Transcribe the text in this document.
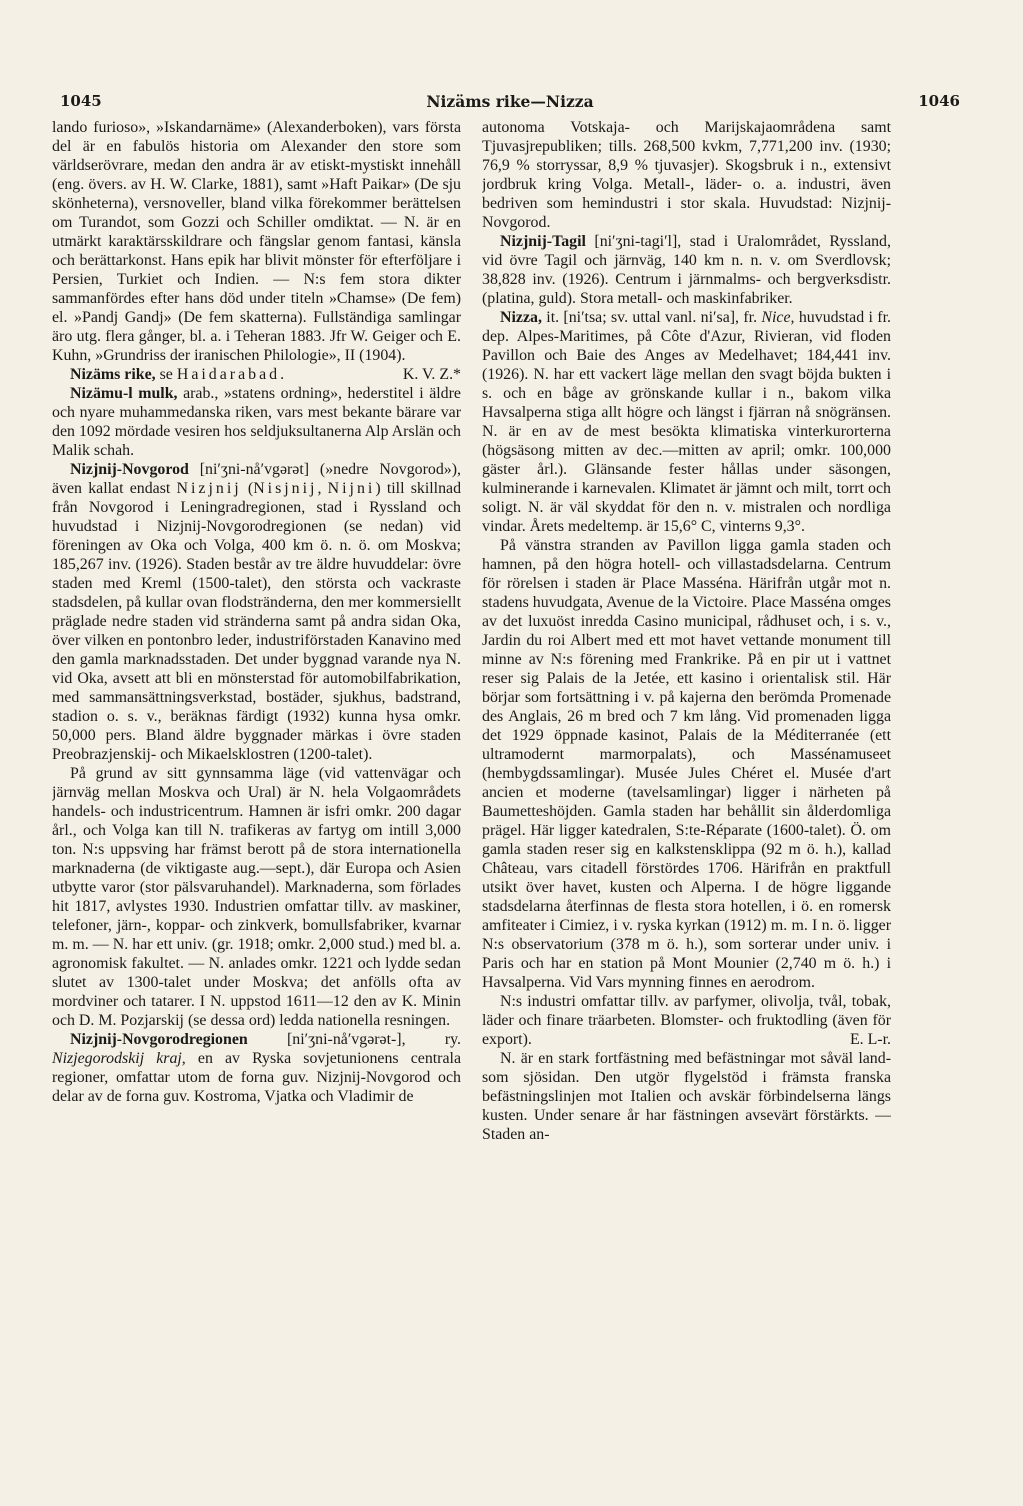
1045	Nizäms rike—Nizza	1046

lando furioso», »Iskandarnäme» (Alexanderboken), vars första del är en fabulös historia om Alexander den store som världserövrare, medan den andra är av etiskt-mystiskt innehåll (eng. övers. av H. W. Clarke, 1881), samt »Haft Paikar» (De sju skönheterna), versnoveller, bland vilka förekommer berättelsen om Turandot, som Gozzi och Schiller omdiktat. — N. är en utmärkt karaktärsskildrare och fängslar genom fantasi, känsla och berättarkonst. Hans epik har blivit mönster för efterföljare i Persien, Turkiet och Indien. — N:s fem stora dikter sammanfördes efter hans död under titeln »Chamse» (De fem) el. »Pandj Gandj» (De fem skatterna). Fullständiga samlingar äro utg. flera gånger, bl. a. i Teheran 1883. Jfr W. Geiger och E. Kuhn, »Grundriss der iranischen Philologie», II (1904).
K. V. Z.*

Nizäms rike, se Haidarabad.

Nizämu-l mulk, arab., »statens ordning», hederstitel i äldre och nyare muhammedanska riken, vars mest bekante bärare var den 1092 mördade vesiren hos seldjuksultanerna Alp Arslän och Malik schah.

Nizjnij-Novgorod [ni′ʒni-nå′vgərət] (»nedre Novgorod»), även kallat endast Nizjnij (Nisjnij, Nijni) till skillnad från Novgorod i Leningradregionen, stad i Ryssland och huvudstad i Nizjnij-Novgorodregionen (se nedan) vid föreningen av Oka och Volga, 400 km ö. n. ö. om Moskva; 185,267 inv. (1926). Staden består av tre äldre huvuddelar: övre staden med Kreml (1500-talet), den största och vackraste stadsdelen, på kullar ovan flodstränderna, den mer kommersiellt präglade nedre staden vid stränderna samt på andra sidan Oka, över vilken en pontonbro leder, industriförstaden Kanavino med den gamla marknadsstaden. Det under byggnad varande nya N. vid Oka, avsett att bli en mönsterstad för automobilfabrikation, med sammansättningsverkstad, bostäder, sjukhus, badstrand, stadion o. s. v., beräknas färdigt (1932) kunna hysa omkr. 50,000 pers. Bland äldre byggnader märkas i övre staden Preobrazjenskij- och Mikaelsklostren (1200-talet).

På grund av sitt gynnsamma läge (vid vattenvägar och järnväg mellan Moskva och Ural) är N. hela Volgaområdets handels- och industricentrum. Hamnen är isfri omkr. 200 dagar årl., och Volga kan till N. trafikeras av fartyg om intill 3,000 ton. N:s uppsving har främst berott på de stora internationella marknaderna (de viktigaste aug.—sept.), där Europa och Asien utbytte varor (stor pälsvaruhandel). Marknaderna, som förlades hit 1817, avlystes 1930. Industrien omfattar tillv. av maskiner, telefoner, järn-, koppar- och zinkverk, bomullsfabriker, kvarnar m. m. — N. har ett univ. (gr. 1918; omkr. 2,000 stud.) med bl. a. agronomisk fakultet. — N. anlades omkr. 1221 och lydde sedan slutet av 1300-talet under Moskva; det anfölls ofta av mordviner och tatarer. I N. uppstod 1611—12 den av K. Minin och D. M. Pozjarskij (se dessa ord) ledda nationella resningen.

Nizjnij-Novgorodregionen [ni′ʒni-nå′vgərət-], ry. Nizjegorodskij kraj, en av Ryska sovjetunionens centrala regioner, omfattar utom de forna guv. Nizjnij-Novgorod och delar av de forna guv. Kostroma, Vjatka och Vladimir de

autonoma Votskaja- och Marijskajaområdena samt Tjuvasjrepubliken; tills. 268,500 kvkm, 7,771,200 inv. (1930; 76,9 % storryssar, 8,9 % tjuvasjer). Skogsbruk i n., extensivt jordbruk kring Volga. Metall-, läder- o. a. industri, även bedriven som hemindustri i stor skala. Huvudstad: Nizjnij-Novgorod.

Nizjnij-Tagil [ni′ʒni-tagi′l], stad i Uralområdet, Ryssland, vid övre Tagil och järnväg, 140 km n. n. v. om Sverdlovsk; 38,828 inv. (1926). Centrum i järnmalms- och bergverksdistr. (platina, guld). Stora metall- och maskinfabriker.

Nizza, it. [ni′tsa; sv. uttal vanl. ni′sa], fr. Nice, huvudstad i fr. dep. Alpes-Maritimes, på Côte d'Azur, Rivieran, vid floden Pavillon och Baie des Anges av Medelhavet; 184,441 inv. (1926). N. har ett vackert läge mellan den svagt böjda bukten i s. och en båge av grönskande kullar i n., bakom vilka Havsalperna stiga allt högre och längst i fjärran nå snögränsen. N. är en av de mest besökta klimatiska vinterkurorterna (högsäsong mitten av dec.—mitten av april; omkr. 100,000 gäster årl.). Glänsande fester hållas under säsongen, kulminerande i karnevalen. Klimatet är jämnt och milt, torrt och soligt. N. är väl skyddat för den n. v. mistralen och nordliga vindar. Årets medeltemp. är 15,6° C, vinterns 9,3°.

På vänstra stranden av Pavillon ligga gamla staden och hamnen, på den högra hotell- och villastadsdelarna. Centrum för rörelsen i staden är Place Masséna. Härifrån utgår mot n. stadens huvudgata, Avenue de la Victoire. Place Masséna omges av det luxuöst inredda Casino municipal, rådhuset och, i s. v., Jardin du roi Albert med ett mot havet vettande monument till minne av N:s förening med Frankrike. På en pir ut i vattnet reser sig Palais de la Jetée, ett kasino i orientalisk stil. Här börjar som fortsättning i v. på kajerna den berömda Promenade des Anglais, 26 m bred och 7 km lång. Vid promenaden ligga det 1929 öppnade kasinot, Palais de la Méditerranée (ett ultramodernt marmorpalats), och Massénamuseet (hembygdssamlingar). Musée Jules Chéret el. Musée d'art ancien et moderne (tavelsamlingar) ligger i närheten på Baumetteshöjden. Gamla staden har behållit sin ålderdomliga prägel. Här ligger katedralen, S:te-Réparate (1600-talet). Ö. om gamla staden reser sig en kalkstensklippa (92 m ö. h.), kallad Château, vars citadell förstördes 1706. Härifrån en praktfull utsikt över havet, kusten och Alperna. I de högre liggande stadsdelarna återfinnas de flesta stora hotellen, i ö. en romersk amfiteater i Cimiez, i v. ryska kyrkan (1912) m. m. I n. ö. ligger N:s observatorium (378 m ö. h.), som sorterar under univ. i Paris och har en station på Mont Mounier (2,740 m ö. h.) i Havsalperna. Vid Vars mynning finnes en aerodrom.

N:s industri omfattar tillv. av parfymer, olivolja, tvål, tobak, läder och finare träarbeten. Blomster- och fruktodling (även för export).	E. L-r.

N. är en stark fortfästning med befästningar mot såväl land- som sjösidan. Den utgör flygelstöd i främsta franska befästningslinjen mot Italien och avskär förbindelserna längs kusten. Under senare år har fästningen avsevärt förstärkts. — Staden an-
